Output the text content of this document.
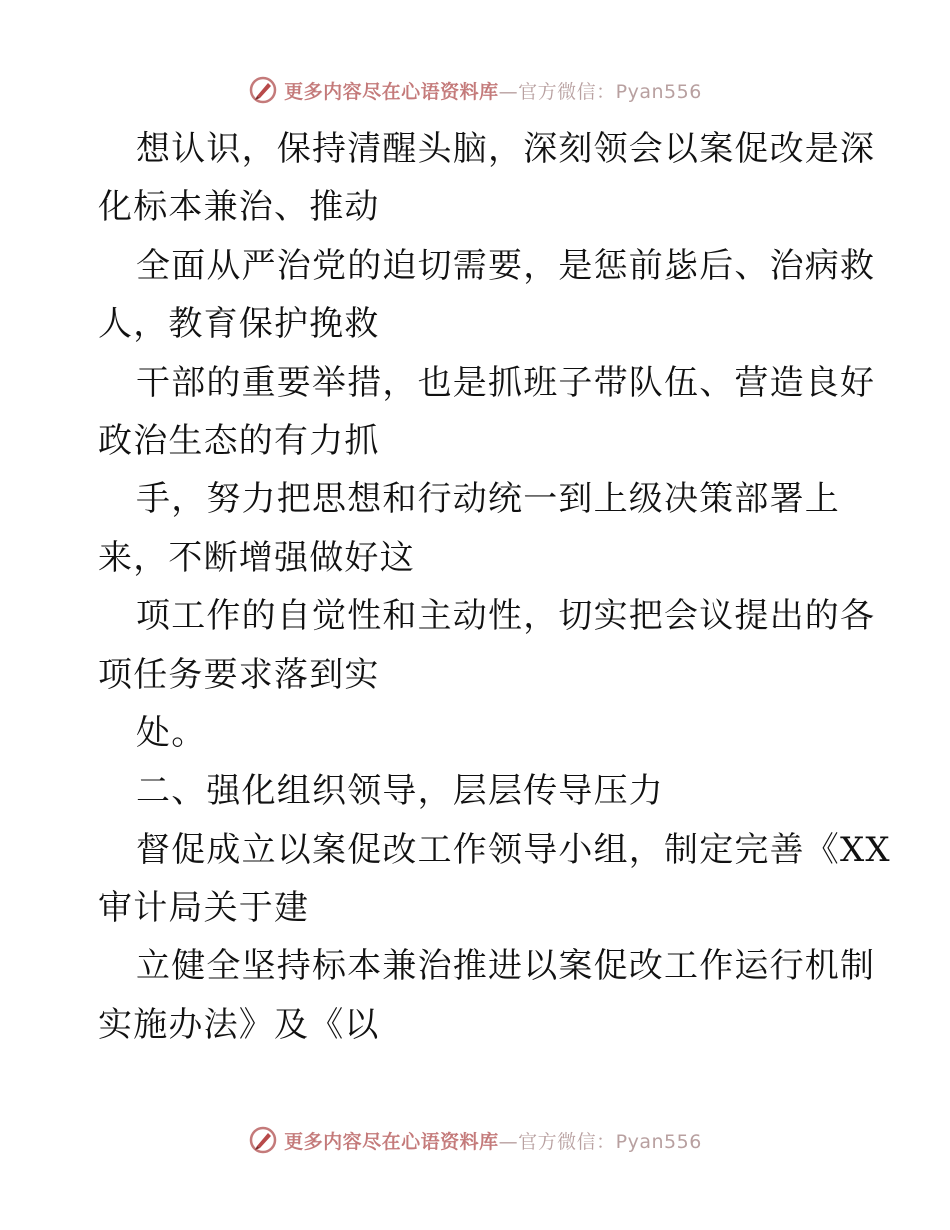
更多内容尽在心语资料库—官方微信：Pyan556
想认识，保持清醒头脑，深刻领会以案促改是深
化标本兼治、推动
全面从严治党的迫切需要，是惩前毖后、治病救
人，教育保护挽救
干部的重要举措，也是抓班子带队伍、营造良好
政治生态的有力抓
手，努力把思想和行动统一到上级决策部署上
来，不断增强做好这
项工作的自觉性和主动性，切实把会议提出的各
项任务要求落到实
处。
二、强化组织领导，层层传导压力
督促成立以案促改工作领导小组，制定完善《XX
审计局关于建
立健全坚持标本兼治推进以案促改工作运行机制
实施办法》及《以
更多内容尽在心语资料库—官方微信：Pyan556
